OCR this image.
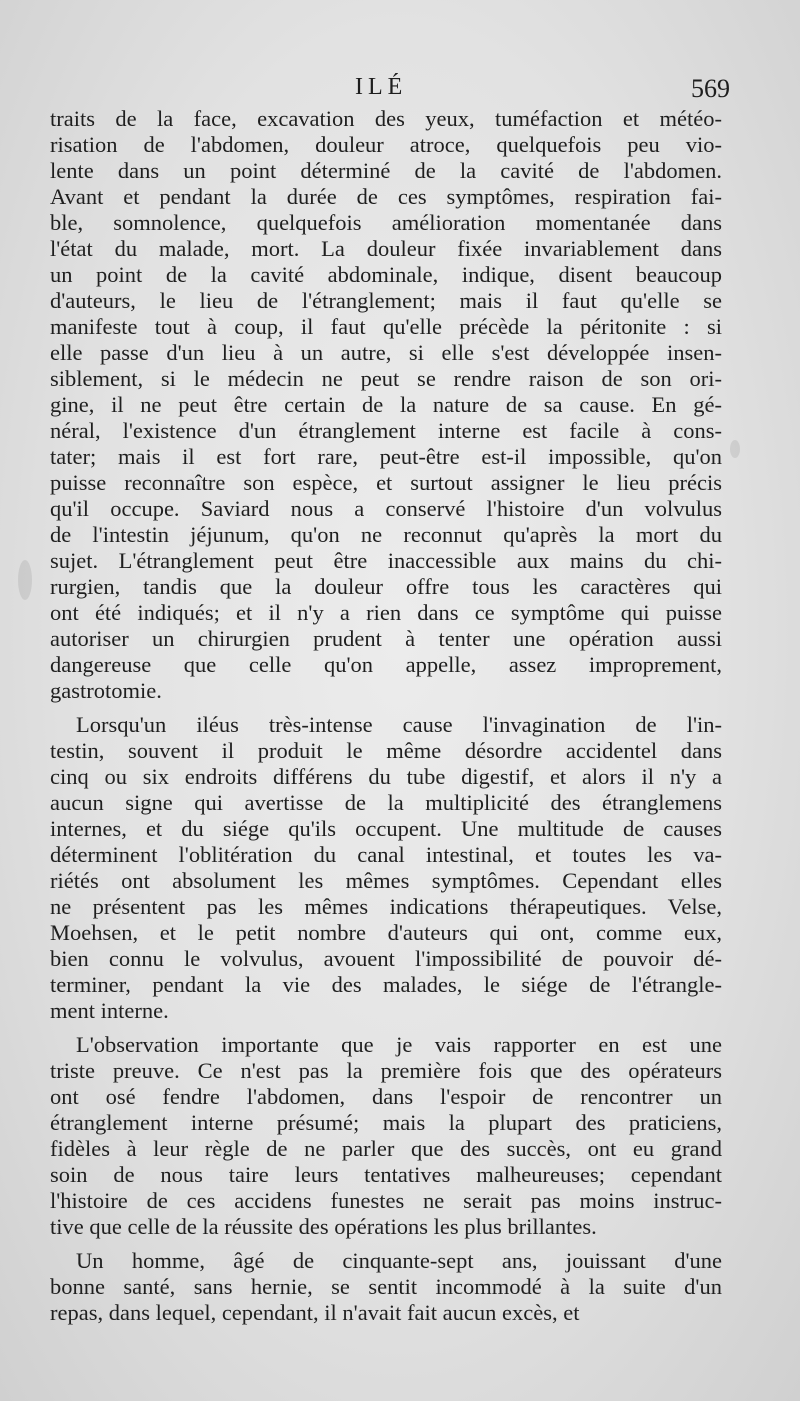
ILÉ	569
traits de la face, excavation des yeux, tuméfaction et météo-
risation de l'abdomen, douleur atroce, quelquefois peu vio-
lente dans un point déterminé de la cavité de l'abdomen.
Avant et pendant la durée de ces symptômes, respiration fai-
ble, somnolence, quelquefois amélioration momentanée dans
l'état du malade, mort. La douleur fixée invariablement dans
un point de la cavité abdominale, indique, disent beaucoup
d'auteurs, le lieu de l'étranglement; mais il faut qu'elle se
manifeste tout à coup, il faut qu'elle précède la péritonite : si
elle passe d'un lieu à un autre, si elle s'est développée insen-
siblement, si le médecin ne peut se rendre raison de son ori-
gine, il ne peut être certain de la nature de sa cause. En gé-
néral, l'existence d'un étranglement interne est facile à cons-
tater; mais il est fort rare, peut-être est-il impossible, qu'on
puisse reconnaître son espèce, et surtout assigner le lieu précis
qu'il occupe. Saviard nous a conservé l'histoire d'un volvulus
de l'intestin jéjunum, qu'on ne reconnut qu'après la mort du
sujet. L'étranglement peut être inaccessible aux mains du chi-
rurgien, tandis que la douleur offre tous les caractères qui
ont été indiqués; et il n'y a rien dans ce symptôme qui puisse
autoriser un chirurgien prudent à tenter une opération aussi
dangereuse que celle qu'on appelle, assez improprement,
gastrotomie.
Lorsqu'un iléus très-intense cause l'invagination de l'in-
testin, souvent il produit le même désordre accidentel dans
cinq ou six endroits différens du tube digestif, et alors il n'y a
aucun signe qui avertisse de la multiplicité des étranglemens
internes, et du siége qu'ils occupent. Une multitude de causes
déterminent l'oblitération du canal intestinal, et toutes les va-
riétés ont absolument les mêmes symptômes. Cependant elles
ne présentent pas les mêmes indications thérapeutiques. Velse,
Moehsen, et le petit nombre d'auteurs qui ont, comme eux,
bien connu le volvulus, avouent l'impossibilité de pouvoir dé-
terminer, pendant la vie des malades, le siége de l'étrangle-
ment interne.
L'observation importante que je vais rapporter en est une
triste preuve. Ce n'est pas la première fois que des opérateurs
ont osé fendre l'abdomen, dans l'espoir de rencontrer un
étranglement interne présumé; mais la plupart des praticiens,
fidèles à leur règle de ne parler que des succès, ont eu grand
soin de nous taire leurs tentatives malheureuses; cependant
l'histoire de ces accidens funestes ne serait pas moins instruc-
tive que celle de la réussite des opérations les plus brillantes.
Un homme, âgé de cinquante-sept ans, jouissant d'une
bonne santé, sans hernie, se sentit incommodé à la suite d'un
repas, dans lequel, cependant, il n'avait fait aucun excès, et
